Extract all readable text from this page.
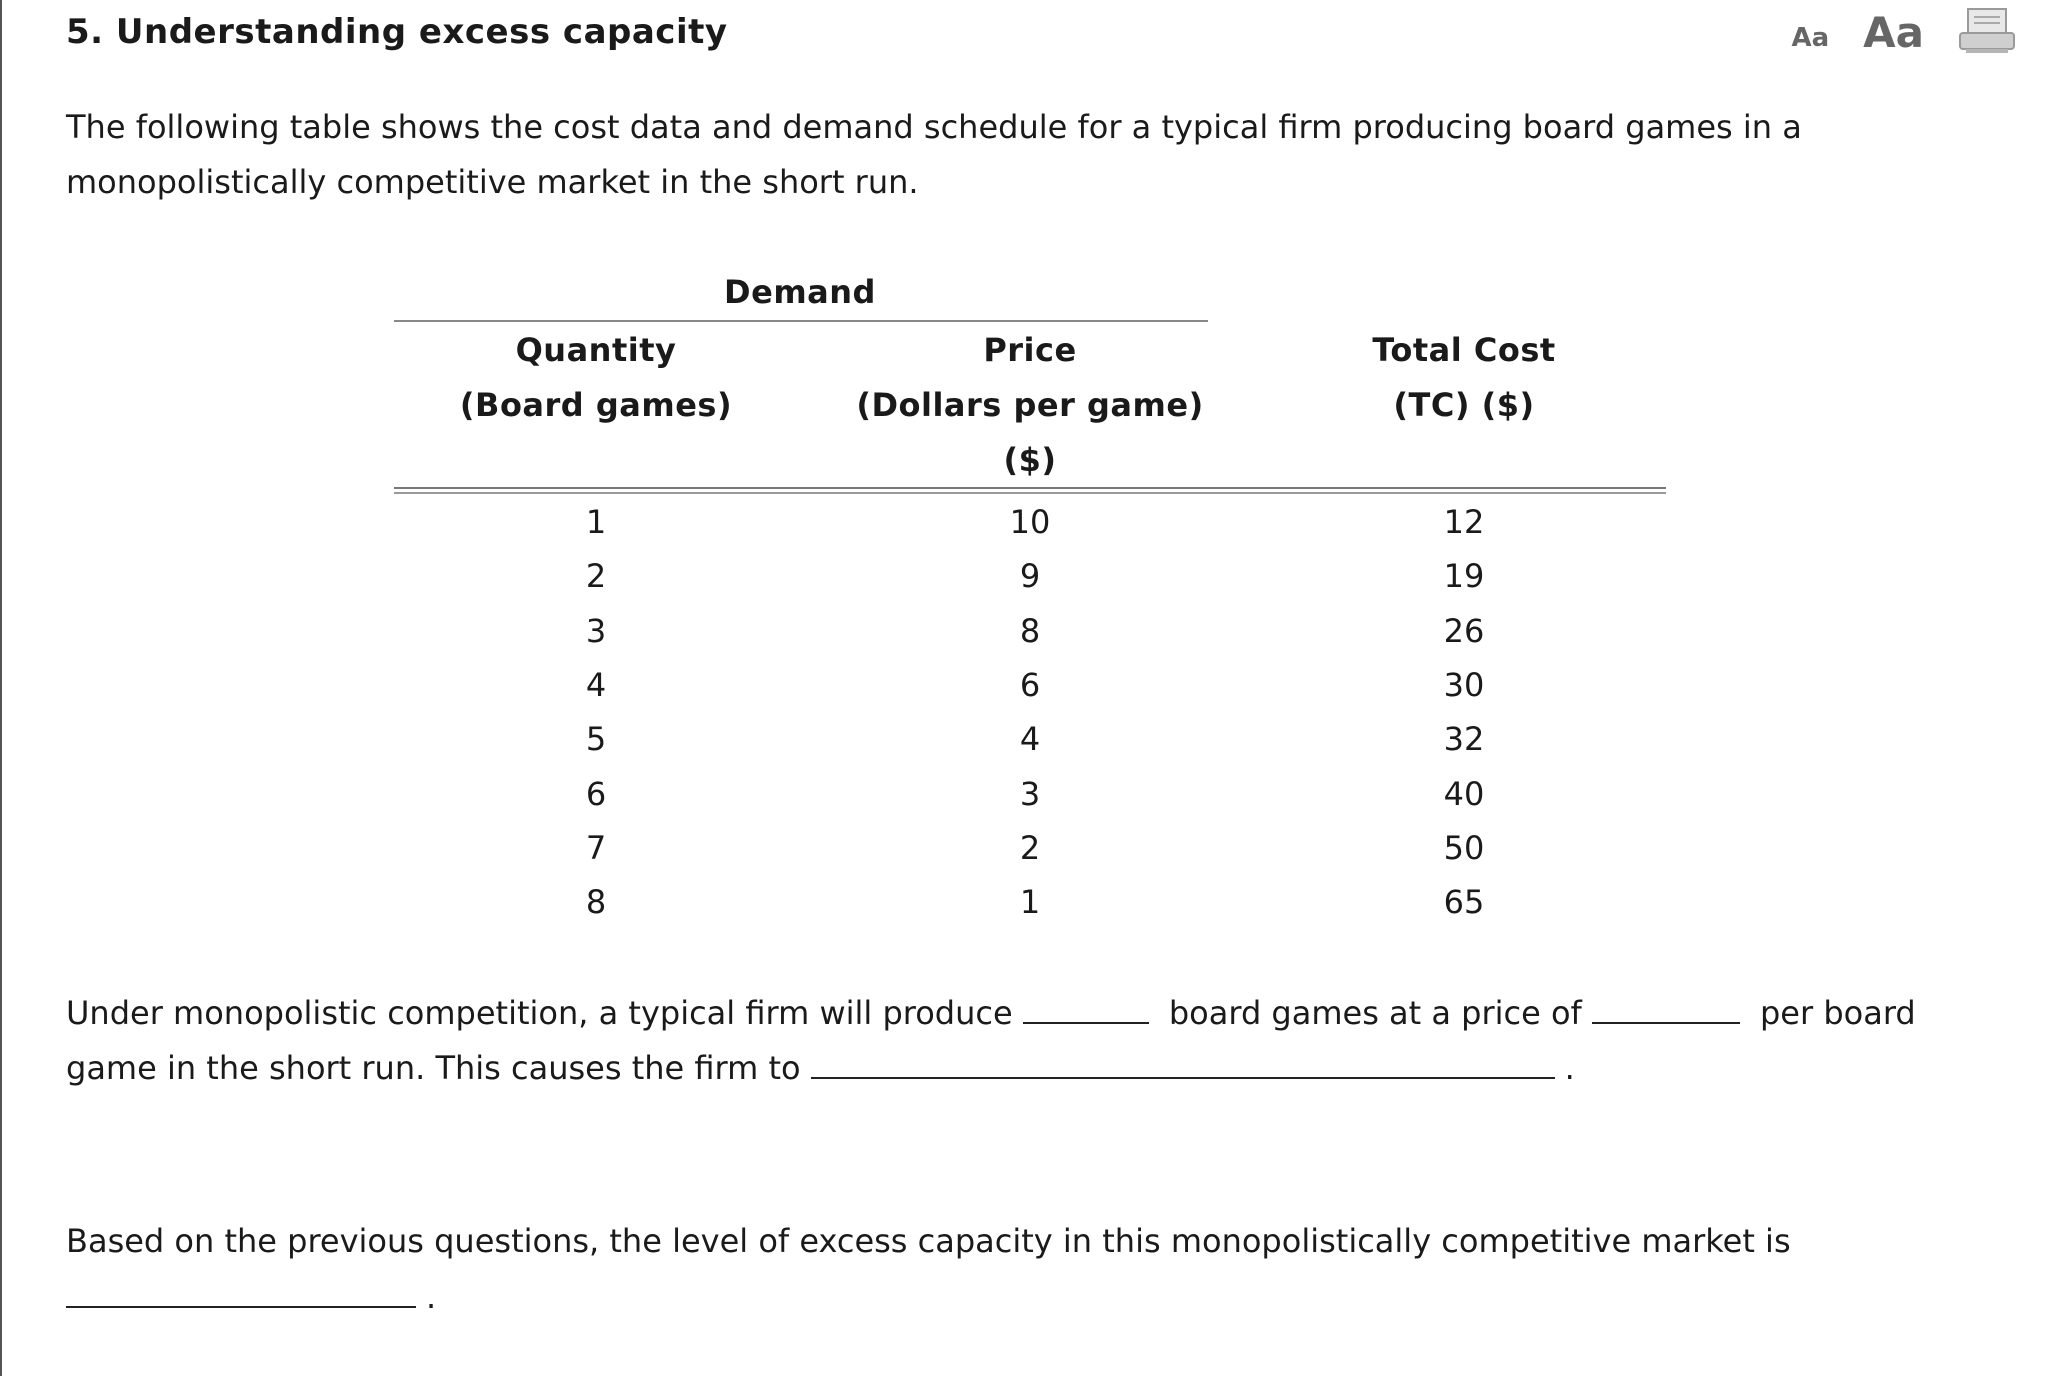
5. Understanding excess capacity	Aa Aa
The following table shows the cost data and demand schedule for a typical firm producing board games in a monopolistically competitive market in the short run.
Demand
Quantity
(Board games)
Price
(Dollars per game)
($)
Total Cost
(TC) ($)
1	10	12
2	9	19
3	8	26
4	6	30
5	4	32
6	3	40
7	2	50
8	1	65
Under monopolistic competition, a typical firm will produce	board games at a price of	per board
game in the short run. This causes the firm to	.
Based on the previous questions, the level of excess capacity in this monopolistically competitive market is
.
